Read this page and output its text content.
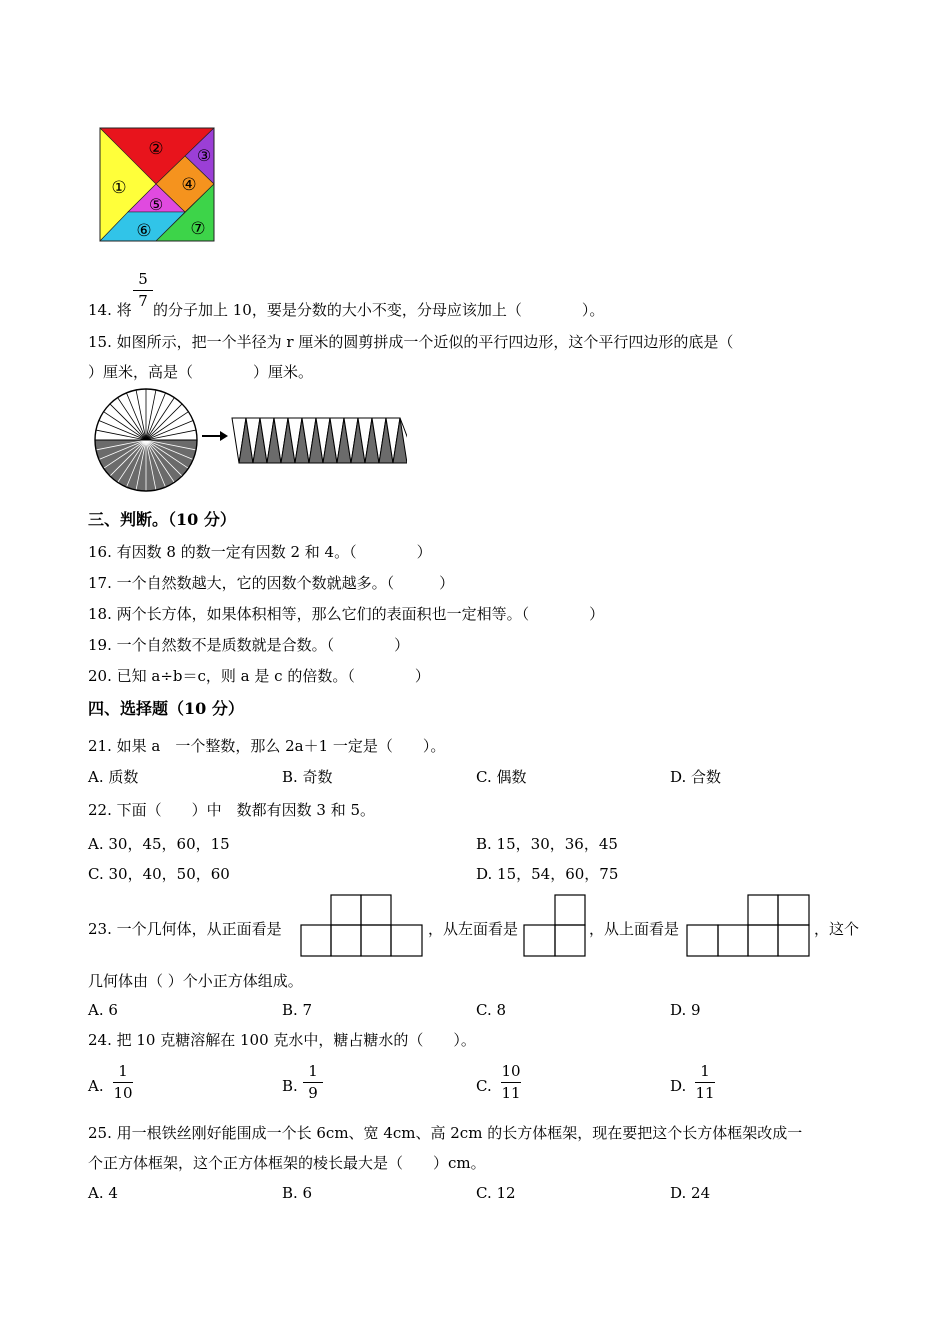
①
② ③
④
⑤
⑥ ⑦
5
7
14. 将 的分子加上 10，要是分数的大小不变，分母应该加上（　　　　）。
15. 如图所示，把一个半径为 r 厘米的圆剪拼成一个近似的平行四边形，这个平行四边形的底是（
）厘米，高是（　　　　）厘米。
三、判断。（10 分）
16. 有因数 8 的数一定有因数 2 和 4。（　　　　）
17. 一个自然数越大，它的因数个数就越多。（　　　）
18. 两个长方体，如果体积相等，那么它们的表面积也一定相等。（　　　　）
19. 一个自然数不是质数就是合数。（　　　　）
20. 已知 a÷b＝c，则 a 是 c 的倍数。（　　　　）
四、选择题（10 分）
21. 如果 a　一个整数，那么 2a＋1 一定是（　　）。
A. 质数	B. 奇数	C. 偶数	D. 合数
22. 下面（　　）中　数都有因数 3 和 5。
A. 30，45，60，15	B. 15，30，36，45
C. 30，40，50，60	D. 15，54，60，75
23. 一个几何体，从正面看是	，从左面看是	，从上面看是	，这个
几何体由（ ）个小正方体组成。
A. 6	B. 7	C. 8	D. 9
24. 把 10 克糖溶解在 100 克水中，糖占糖水的（　　）。
A.
1
10	B.
1
9	C.
10
11	D.
1
11
25. 用一根铁丝刚好能围成一个长 6cm、宽 4cm、高 2cm 的长方体框架，现在要把这个长方体框架改成一
个正方体框架，这个正方体框架的棱长最大是（　　）cm。
A. 4	B. 6	C. 12	D. 24
